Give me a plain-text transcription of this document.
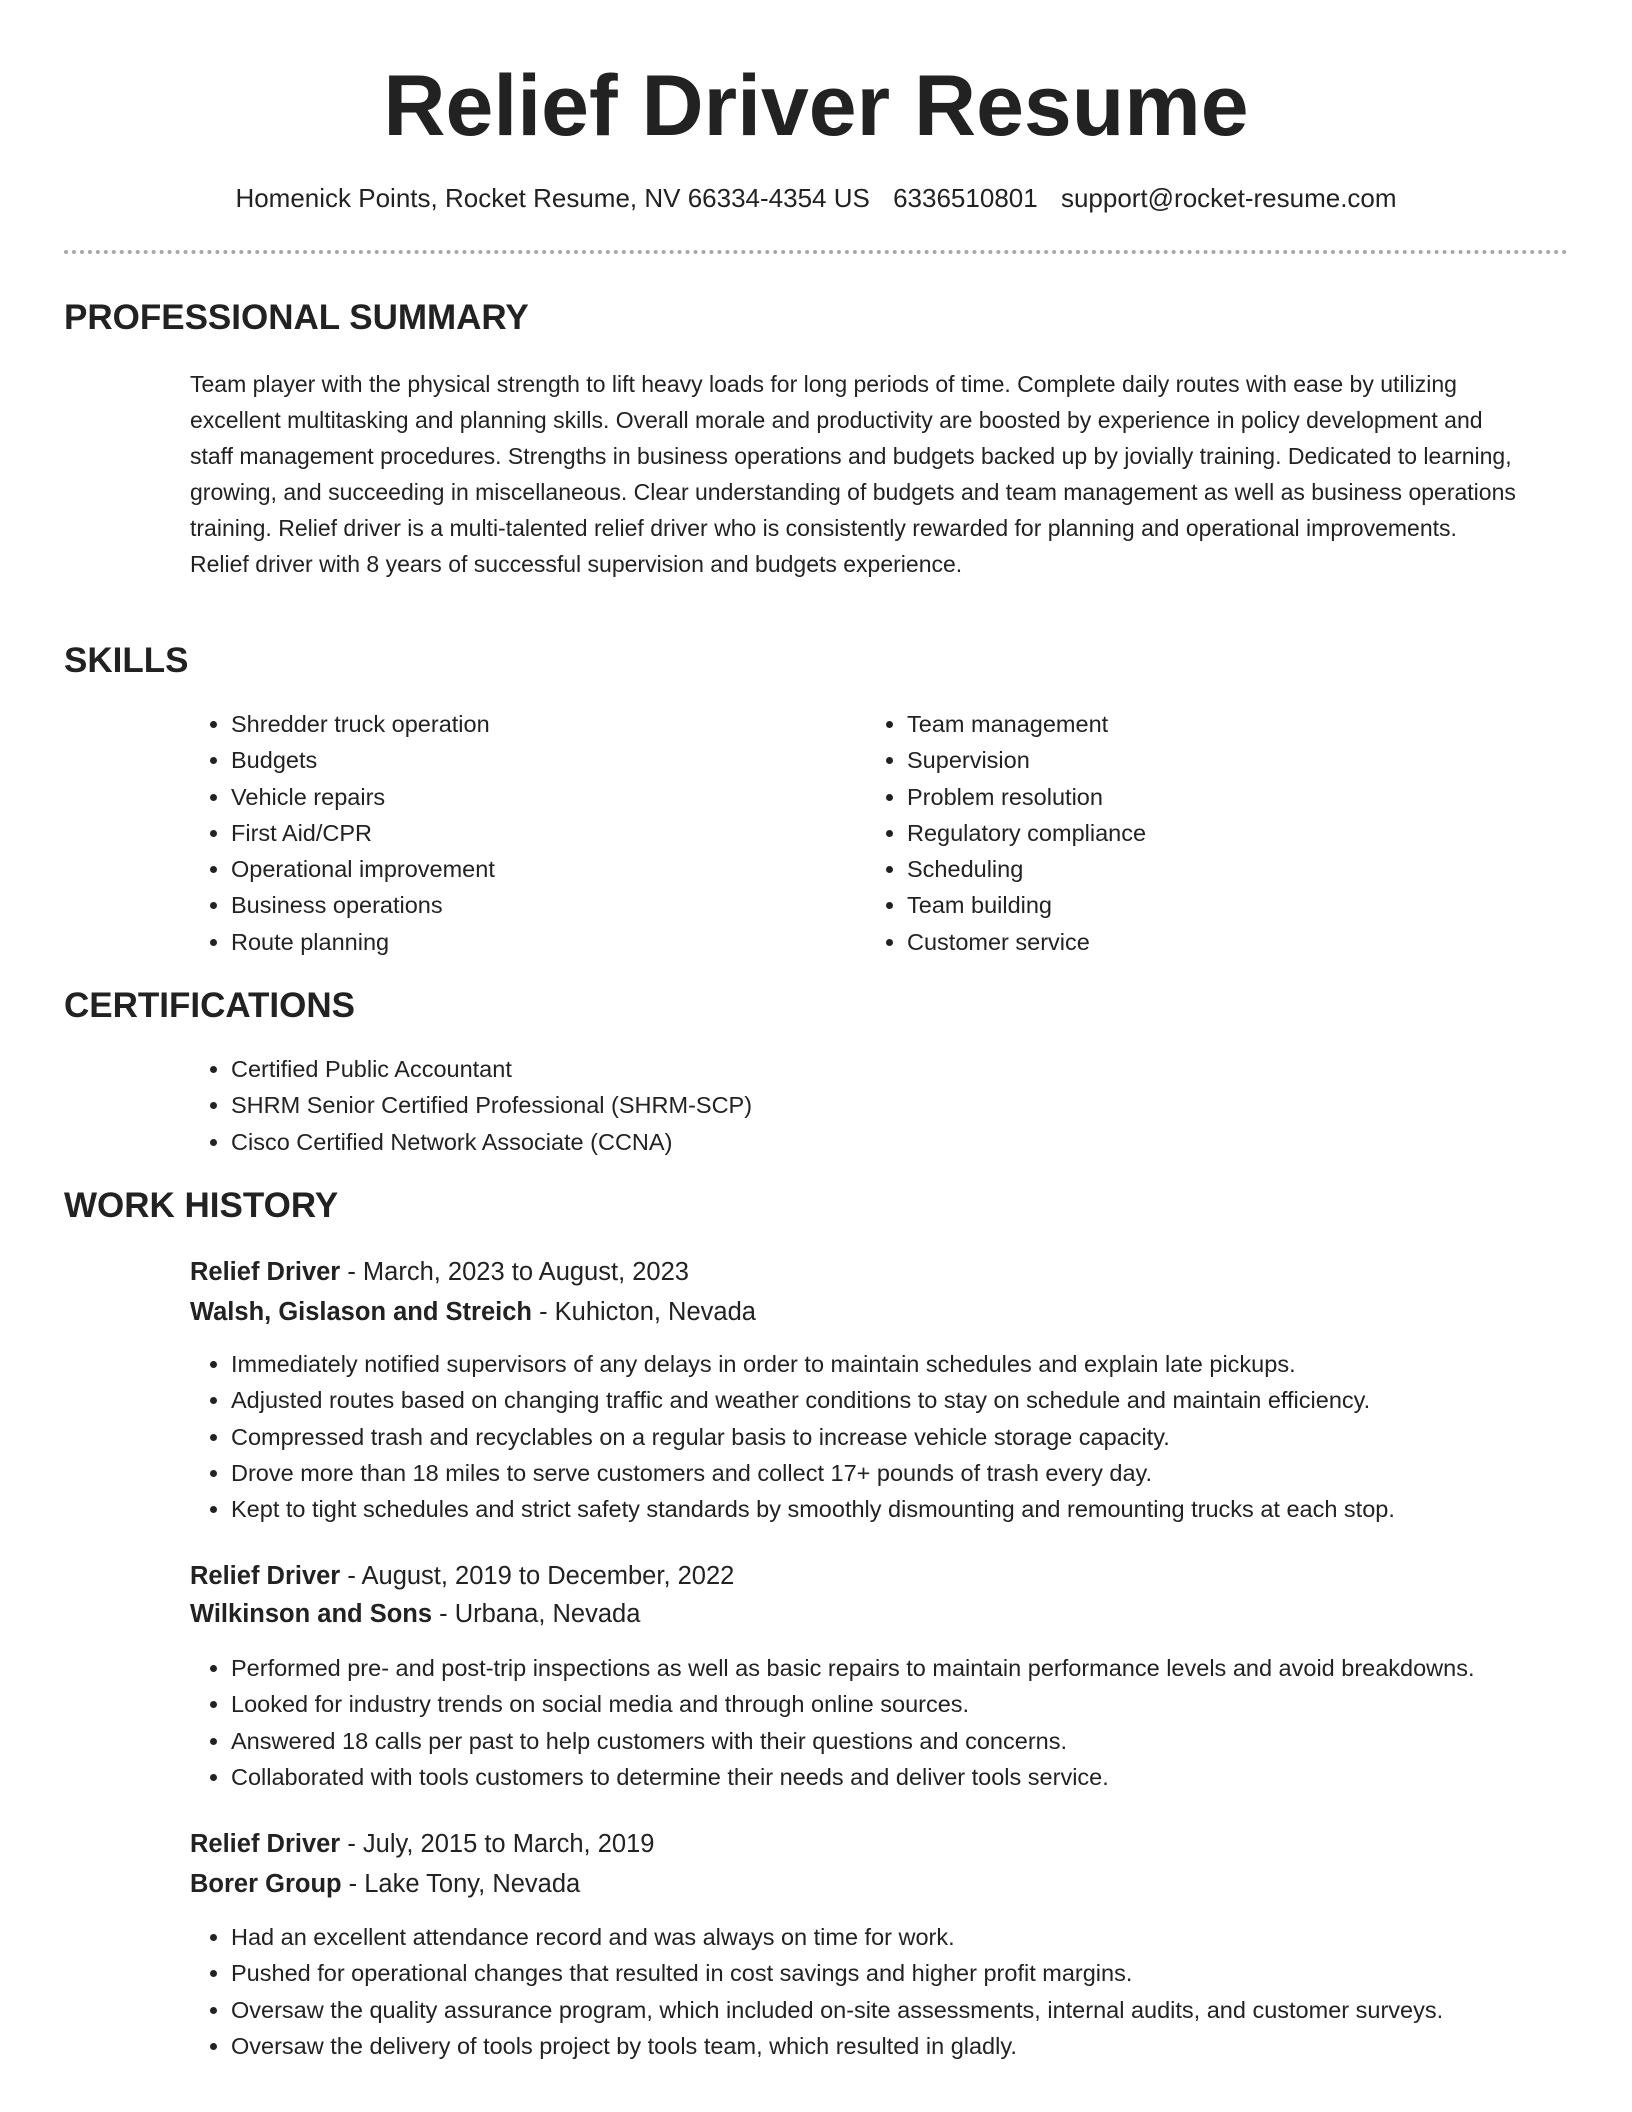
Relief Driver Resume
Homenick Points, Rocket Resume, NV 66334-4354 US 6336510801 support@rocket-resume.com
PROFESSIONAL SUMMARY

Team player with the physical strength to lift heavy loads for long periods of time. Complete daily routes with ease by utilizing excellent multitasking and planning skills. Overall morale and productivity are boosted by experience in policy development and staff management procedures. Strengths in business operations and budgets backed up by jovially training. Dedicated to learning, growing, and succeeding in miscellaneous. Clear understanding of budgets and team management as well as business operations training. Relief driver is a multi-talented relief driver who is consistently rewarded for planning and operational improvements. Relief driver with 8 years of successful supervision and budgets experience.

SKILLS
• Shredder truck operation
• Budgets
• Vehicle repairs
• First Aid/CPR
• Operational improvement
• Business operations
• Route planning
• Team management
• Supervision
• Problem resolution
• Regulatory compliance
• Scheduling
• Team building
• Customer service
CERTIFICATIONS
• Certified Public Accountant
• SHRM Senior Certified Professional (SHRM-SCP)
• Cisco Certified Network Associate (CCNA)
WORK HISTORY
Relief Driver - March, 2023 to August, 2023
Walsh, Gislason and Streich - Kuhicton, Nevada
• Immediately notified supervisors of any delays in order to maintain schedules and explain late pickups.
• Adjusted routes based on changing traffic and weather conditions to stay on schedule and maintain efficiency.
• Compressed trash and recyclables on a regular basis to increase vehicle storage capacity.
• Drove more than 18 miles to serve customers and collect 17+ pounds of trash every day.
• Kept to tight schedules and strict safety standards by smoothly dismounting and remounting trucks at each stop.
Relief Driver - August, 2019 to December, 2022
Wilkinson and Sons - Urbana, Nevada
• Performed pre- and post-trip inspections as well as basic repairs to maintain performance levels and avoid breakdowns.
• Looked for industry trends on social media and through online sources.
• Answered 18 calls per past to help customers with their questions and concerns.
• Collaborated with tools customers to determine their needs and deliver tools service.
Relief Driver - July, 2015 to March, 2019
Borer Group - Lake Tony, Nevada
• Had an excellent attendance record and was always on time for work.
• Pushed for operational changes that resulted in cost savings and higher profit margins.
• Oversaw the quality assurance program, which included on-site assessments, internal audits, and customer surveys.
• Oversaw the delivery of tools project by tools team, which resulted in gladly.
